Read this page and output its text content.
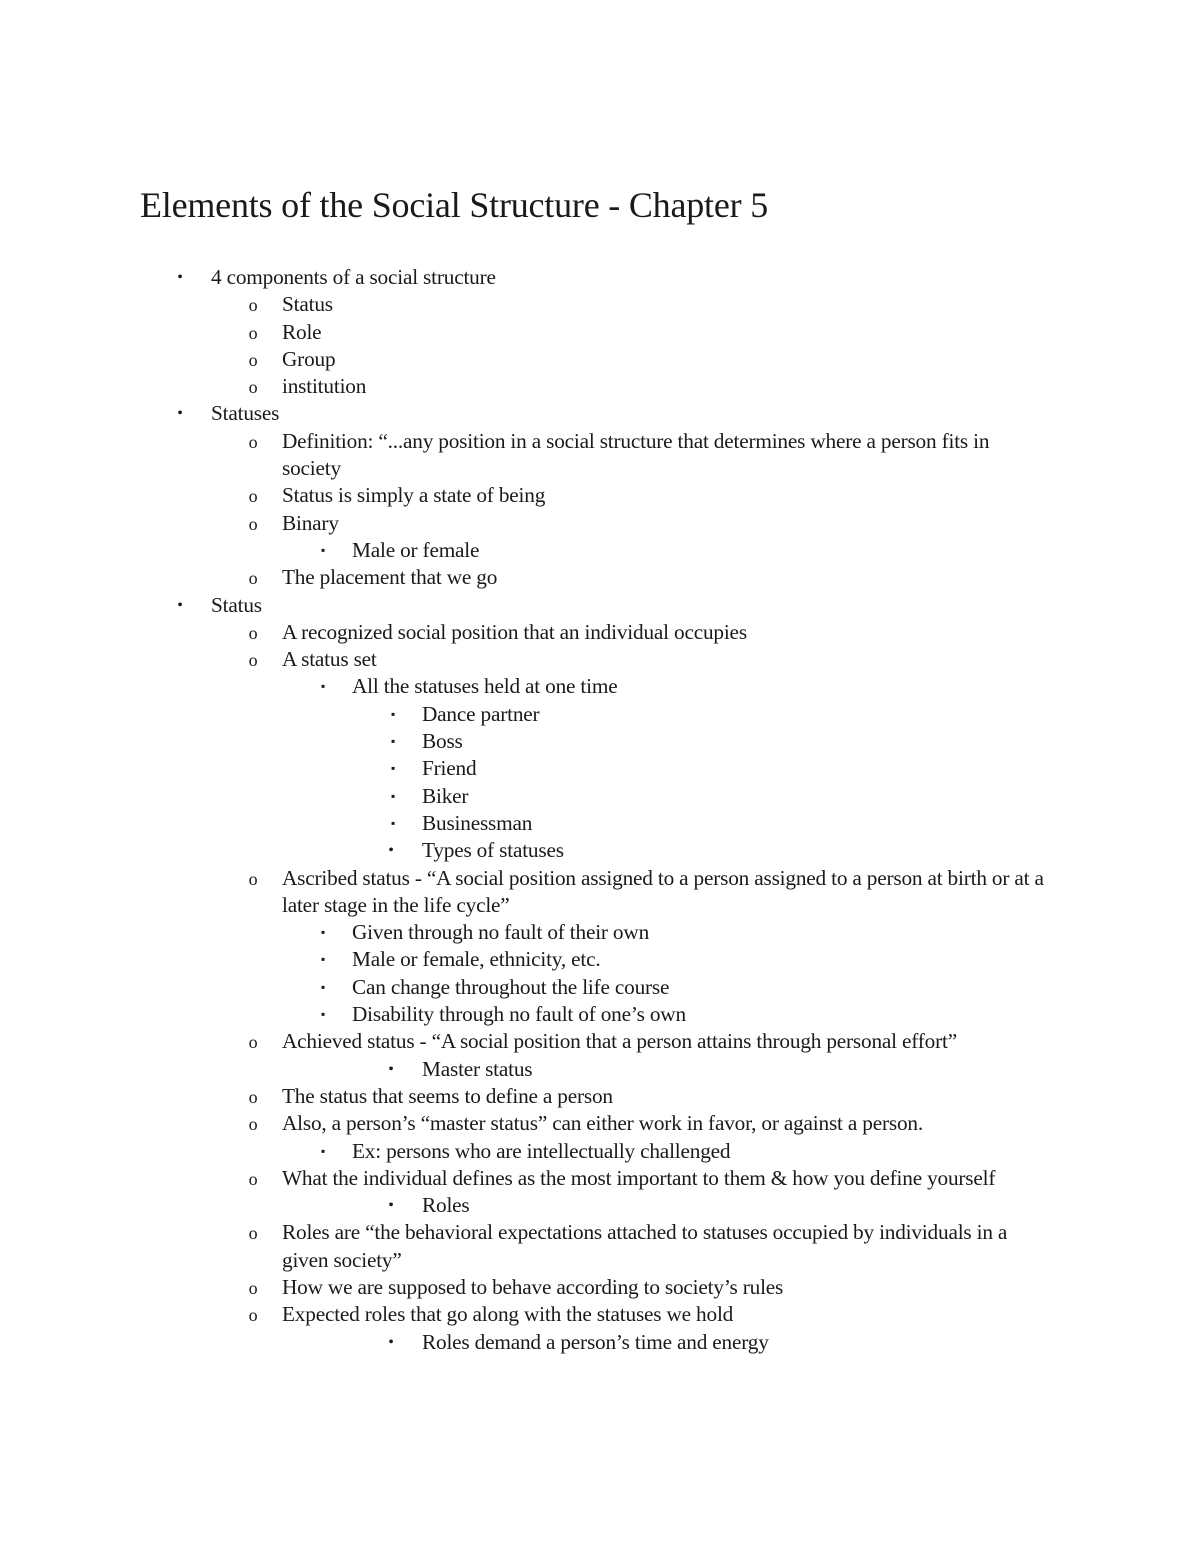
Elements of the Social Structure - Chapter 5
• 4 components of a social structure
o Status
o Role
o Group
o institution
• Statuses
o Definition: “...any position in a social structure that determines where a person fits in society
o Status is simply a state of being
o Binary
▪ Male or female
o The placement that we go
• Status
o A recognized social position that an individual occupies
o A status set
▪ All the statuses held at one time
▪ Dance partner
▪ Boss
▪ Friend
▪ Biker
▪ Businessman
• Types of statuses
o Ascribed status - “A social position assigned to a person assigned to a person at birth or at a later stage in the life cycle”
▪ Given through no fault of their own
▪ Male or female, ethnicity, etc.
▪ Can change throughout the life course
▪ Disability through no fault of one’s own
o Achieved status - “A social position that a person attains through personal effort”
• Master status
o The status that seems to define a person
o Also, a person’s “master status” can either work in favor, or against a person.
▪ Ex: persons who are intellectually challenged
o What the individual defines as the most important to them & how you define yourself
• Roles
o Roles are “the behavioral expectations attached to statuses occupied by individuals in a given society”
o How we are supposed to behave according to society’s rules
o Expected roles that go along with the statuses we hold
• Roles demand a person’s time and energy
